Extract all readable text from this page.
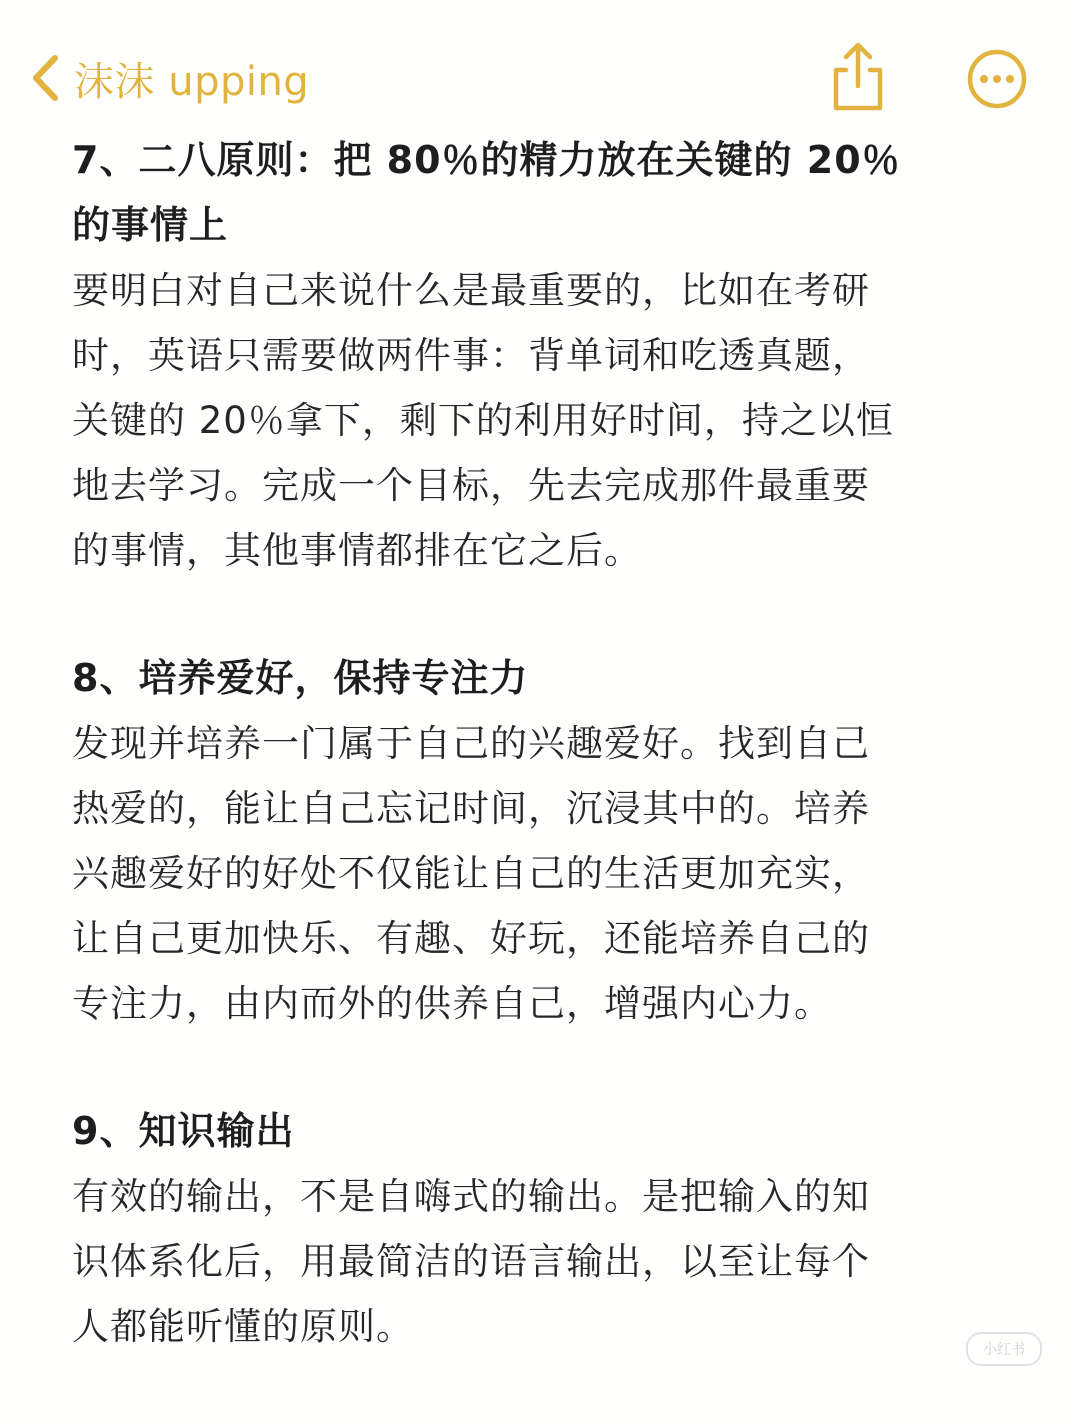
沫沫 upping

7、二八原则：把 80％的精力放在关键的 20％
的事情上

要明白对自己来说什么是最重要的，比如在考研
时，英语只需要做两件事：背单词和吃透真题，
关键的 20％拿下，剩下的利用好时间，持之以恒
地去学习。完成一个目标，先去完成那件最重要
的事情，其他事情都排在它之后。

8、培养爱好，保持专注力

发现并培养一门属于自己的兴趣爱好。找到自己
热爱的，能让自己忘记时间，沉浸其中的。培养
兴趣爱好的好处不仅能让自己的生活更加充实，
让自己更加快乐、有趣、好玩，还能培养自己的
专注力，由内而外的供养自己，增强内心力。

9、知识输出

有效的输出，不是自嗨式的输出。是把输入的知
识体系化后，用最简洁的语言输出，以至让每个
人都能听懂的原则。

小红书
